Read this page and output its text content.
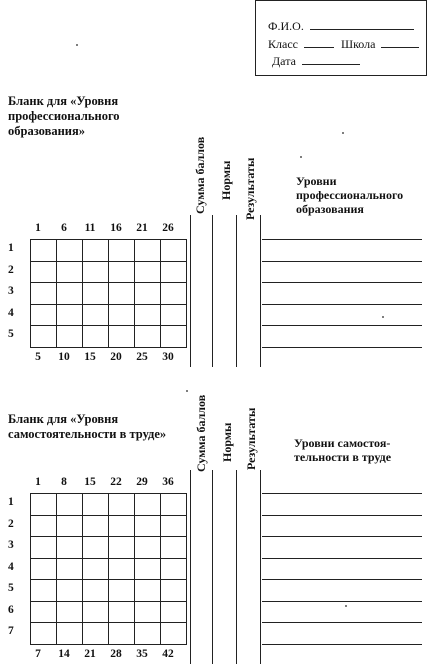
Ф.И.О.
Класс	Школа
Дата
Бланк для «Уровня
профессионального
образования»
Сумма баллов Нормы Результаты	Уровни
профессионального
образования
1	6	11	16	21	26
5	10	15	20	25	30
1
2
3
4
5
Бланк для «Уровня
самостоятельности в труде» Сумма баллов Нормы Результаты	Уровни самостоя-
тельности в труде
1	8	15	22	29	36
7	14	21	28	35	42
1
2
3
4
5
6
7
